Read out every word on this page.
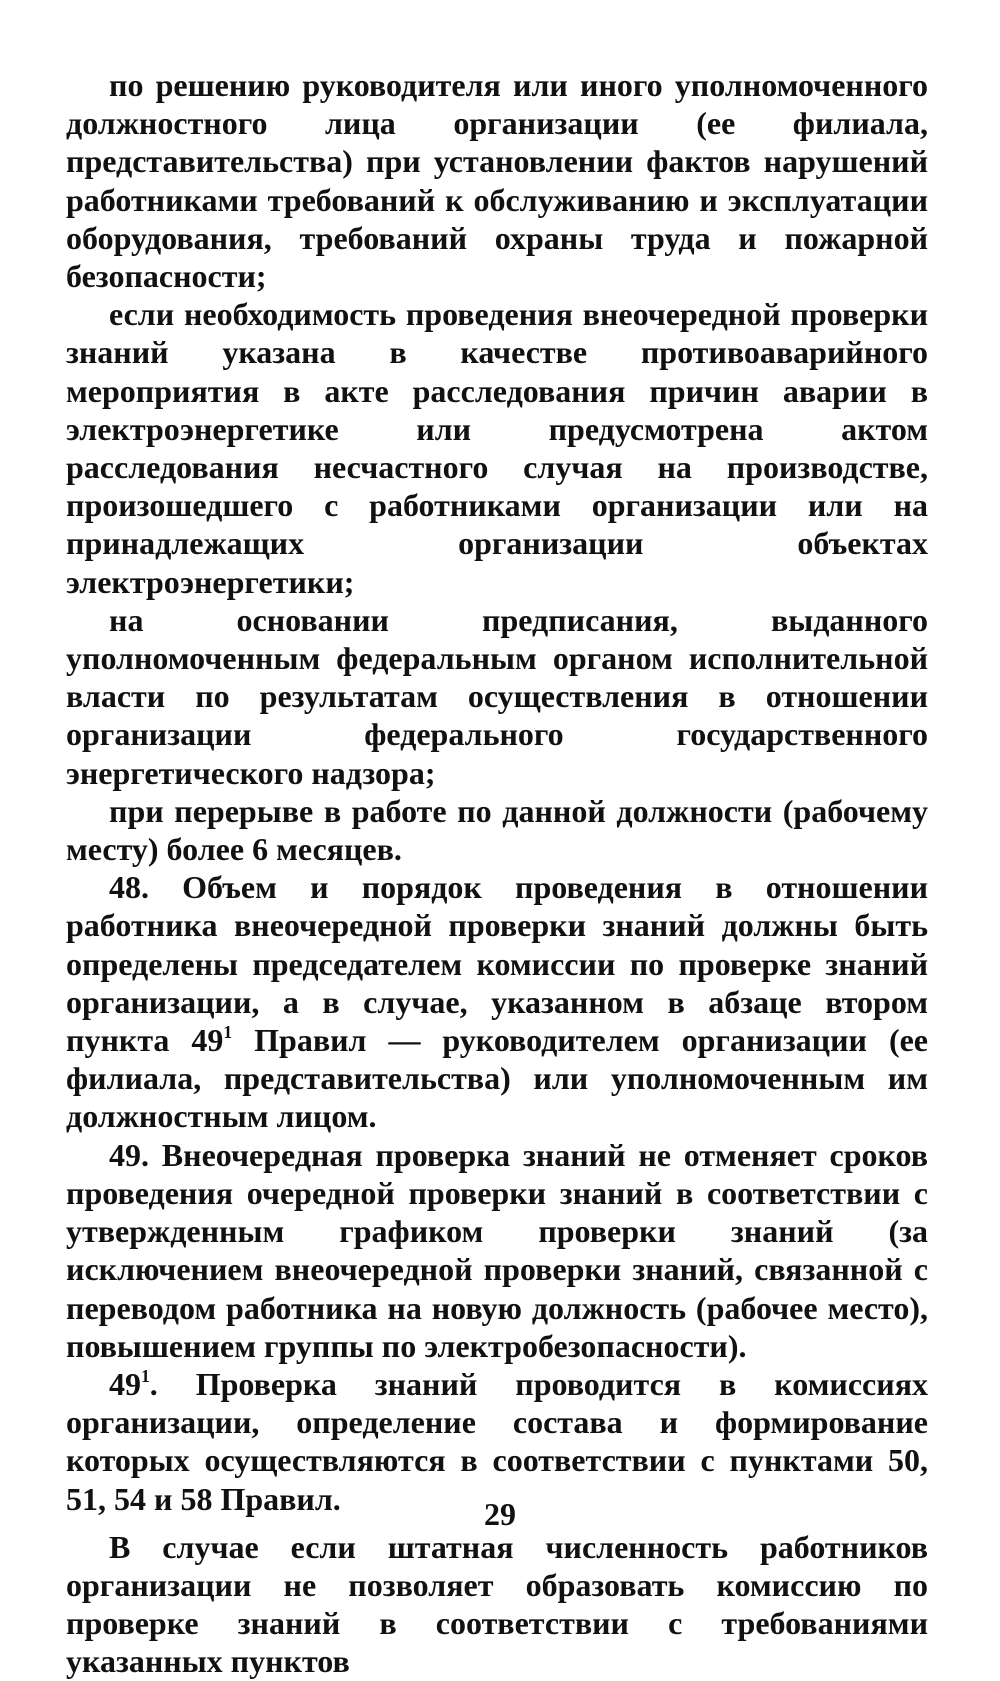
по решению руководителя или иного уполномоченного должностного лица организации (ее филиала, представительства) при установлении фактов нарушений работниками требований к обслуживанию и эксплуатации оборудования, требований охраны труда и пожарной безопасности;

если необходимость проведения внеочередной проверки знаний указана в качестве противоаварийного мероприятия в акте расследования причин аварии в электроэнергетике или предусмотрена актом расследования несчастного случая на производстве, произошедшего с работниками организации или на принадлежащих организации объектах электроэнергетики;

на основании предписания, выданного уполномоченным федеральным органом исполнительной власти по результатам осуществления в отношении организации федерального государственного энергетического надзора;

при перерыве в работе по данной должности (рабочему месту) более 6 месяцев.

48. Объем и порядок проведения в отношении работника внеочередной проверки знаний должны быть определены председателем комиссии по проверке знаний организации, а в случае, указанном в абзаце втором пункта $49^1$ Правил — руководителем организации (ее филиала, представительства) или уполномоченным им должностным лицом.

49. Внеочередная проверка знаний не отменяет сроков проведения очередной проверки знаний в соответствии с утвержденным графиком проверки знаний (за исключением внеочередной проверки знаний, связанной с переводом работника на новую должность (рабочее место), повышением группы по электробезопасности).

$49^1$. Проверка знаний проводится в комиссиях организации, определение состава и формирование которых осуществляются в соответствии с пунктами 50, 51, 54 и 58 Правил.

В случае если штатная численность работников организации не позволяет образовать комиссию по проверке знаний в соответствии с требованиями указанных пунктов

29
